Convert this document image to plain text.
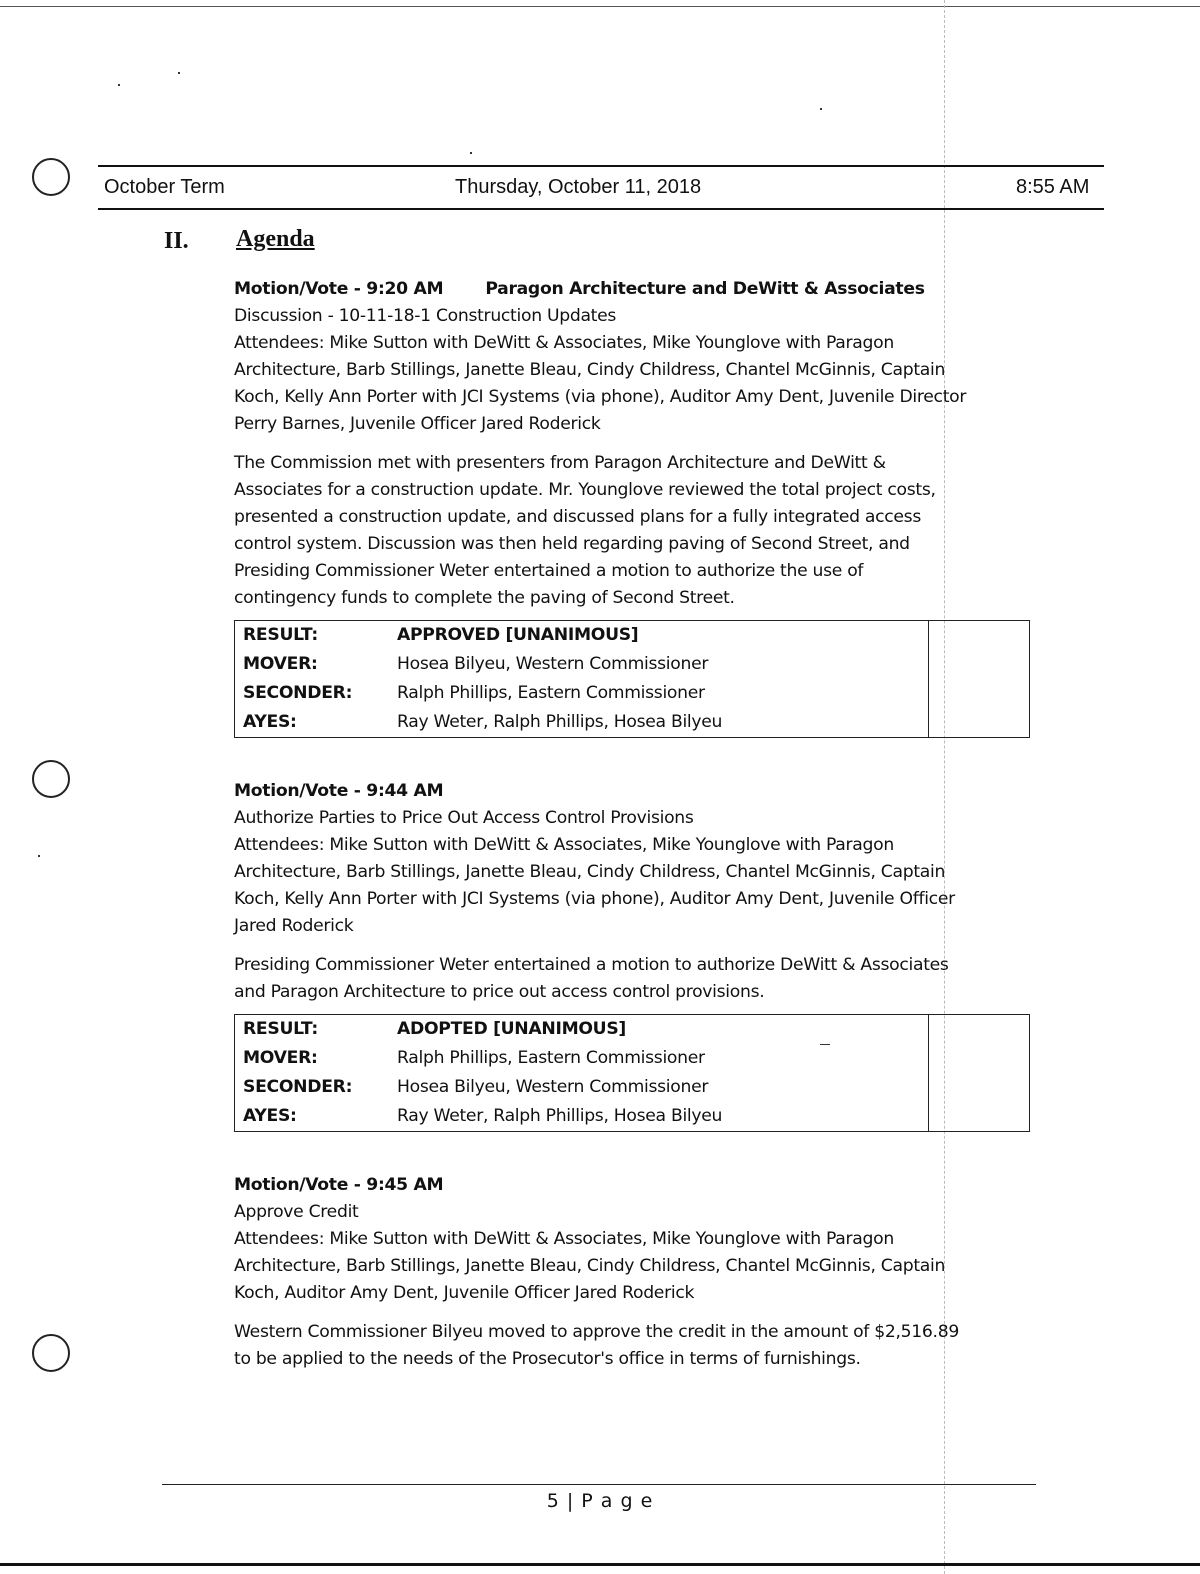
October Term	Thursday, October 11, 2018	8:55 AM
II. Agenda
Motion/Vote - 9:20 AM Paragon Architecture and DeWitt & Associates
Discussion - 10-11-18-1 Construction Updates
Attendees: Mike Sutton with DeWitt & Associates, Mike Younglove with Paragon
Architecture, Barb Stillings, Janette Bleau, Cindy Childress, Chantel McGinnis, Captain
Koch, Kelly Ann Porter with JCI Systems (via phone), Auditor Amy Dent, Juvenile Director
Perry Barnes, Juvenile Officer Jared Roderick
The Commission met with presenters from Paragon Architecture and DeWitt &
Associates for a construction update. Mr. Younglove reviewed the total project costs,
presented a construction update, and discussed plans for a fully integrated access
control system. Discussion was then held regarding paving of Second Street, and
Presiding Commissioner Weter entertained a motion to authorize the use of
contingency funds to complete the paving of Second Street.
RESULT:	APPROVED [UNANIMOUS]	
MOVER:	Hosea Bilyeu, Western Commissioner	
SECONDER:	Ralph Phillips, Eastern Commissioner	
AYES:	Ray Weter, Ralph Phillips, Hosea Bilyeu	
Motion/Vote - 9:44 AM
Authorize Parties to Price Out Access Control Provisions
Attendees: Mike Sutton with DeWitt & Associates, Mike Younglove with Paragon
Architecture, Barb Stillings, Janette Bleau, Cindy Childress, Chantel McGinnis, Captain
Koch, Kelly Ann Porter with JCI Systems (via phone), Auditor Amy Dent, Juvenile Officer
Jared Roderick
Presiding Commissioner Weter entertained a motion to authorize DeWitt & Associates
and Paragon Architecture to price out access control provisions.
RESULT:	ADOPTED [UNANIMOUS]	
MOVER:	Ralph Phillips, Eastern Commissioner	
SECONDER:	Hosea Bilyeu, Western Commissioner	
AYES:	Ray Weter, Ralph Phillips, Hosea Bilyeu	
Motion/Vote - 9:45 AM
Approve Credit
Attendees: Mike Sutton with DeWitt & Associates, Mike Younglove with Paragon
Architecture, Barb Stillings, Janette Bleau, Cindy Childress, Chantel McGinnis, Captain
Koch, Auditor Amy Dent, Juvenile Officer Jared Roderick
Western Commissioner Bilyeu moved to approve the credit in the amount of $2,516.89
to be applied to the needs of the Prosecutor's office in terms of furnishings.
5 | P a g e
